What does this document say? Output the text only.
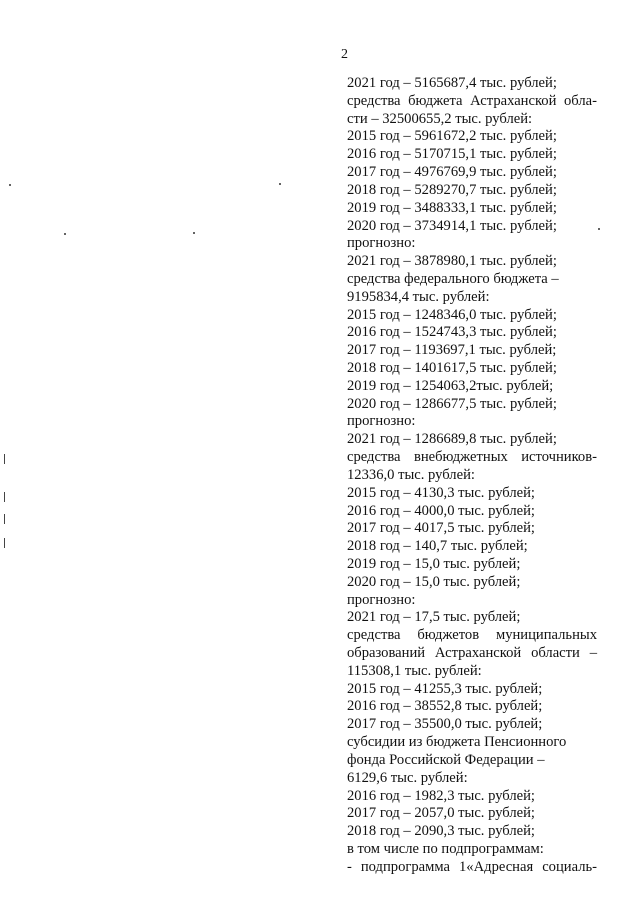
2
2021 год – 5165687,4 тыс. рублей;
средства бюджета Астраханской обла-
сти – 32500655,2 тыс. рублей:
2015 год – 5961672,2 тыс. рублей;
2016 год – 5170715,1 тыс. рублей;
2017 год – 4976769,9 тыс. рублей;
2018 год – 5289270,7 тыс. рублей;
2019 год – 3488333,1 тыс. рублей;
2020 год – 3734914,1 тыс. рублей;
прогнозно:
2021 год – 3878980,1 тыс. рублей;
средства федерального бюджета –
9195834,4 тыс. рублей:
2015 год – 1248346,0 тыс. рублей;
2016 год – 1524743,3 тыс. рублей;
2017 год – 1193697,1 тыс. рублей;
2018 год – 1401617,5 тыс. рублей;
2019 год – 1254063,2тыс. рублей;
2020 год – 1286677,5 тыс. рублей;
прогнозно:
2021 год – 1286689,8 тыс. рублей;
средства внебюджетных источников-
12336,0 тыс. рублей:
2015 год – 4130,3 тыс. рублей;
2016 год – 4000,0 тыс. рублей;
2017 год – 4017,5 тыс. рублей;
2018 год – 140,7 тыс. рублей;
2019 год – 15,0 тыс. рублей;
2020 год – 15,0 тыс. рублей;
прогнозно:
2021 год – 17,5 тыс. рублей;
средства бюджетов муниципальных
образований Астраханской области –
115308,1 тыс. рублей:
2015 год – 41255,3 тыс. рублей;
2016 год – 38552,8 тыс. рублей;
2017 год – 35500,0 тыс. рублей;
субсидии из бюджета Пенсионного
фонда Российской Федерации –
6129,6 тыс. рублей:
2016 год – 1982,3 тыс. рублей;
2017 год – 2057,0 тыс. рублей;
2018 год – 2090,3 тыс. рублей;
в том числе по подпрограммам:
- подпрограмма 1«Адресная социаль-
